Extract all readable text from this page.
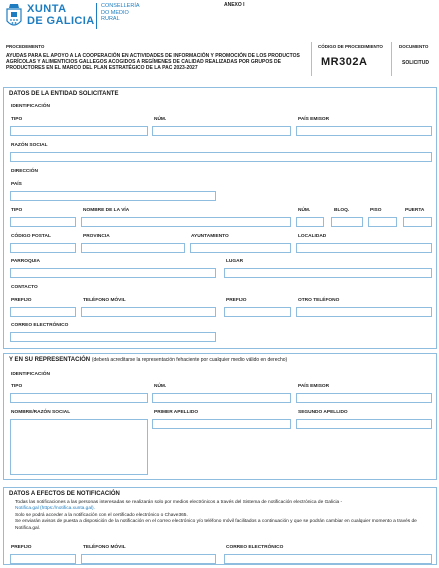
XUNTA
DE GALICIA
CONSELLERÍA
DO MEDIO
RURAL
ANEXO I
PROCEDEMENTO
AYUDAS PARA EL APOYO A LA COOPERACIÓN EN ACTIVIDADES DE INFORMACIÓN Y PROMOCIÓN DE LOS PRODUCTOS AGRÍCOLAS Y ALIMENTICIOS GALLEGOS ACOGIDOS A REGÍMENES DE CALIDAD REALIZADAS POR GRUPOS DE PRODUCTORES EN EL MARCO DEL PLAN ESTRATÉGICO DE LA PAC 2023-2027
CÓDIGO DE PROCEDIMIENTO
MR302A
DOCUMENTO
SOLICITUD
DATOS DE LA ENTIDAD SOLICITANTE
IDENTIFICACIÓN
TIPO	NÚM.	PAÍS EMISOR
RAZÓN SOCIAL
DIRECCIÓN
PAÍS
TIPO	NOMBRE DE LA VÍA	NÚM.	BLOQ.	PISO	PUERTA
CÓDIGO POSTAL	PROVINCIA	AYUNTAMIENTO	LOCALIDAD
PARROQUIA	LUGAR
CONTACTO
PREFIJO	TELÉFONO MÓVIL	PREFIJO	OTRO TELÉFONO
CORREO ELECTRÓNICO
Y EN SU REPRESENTACIÓN (deberá acreditarse la representación fehaciente por cualquier medio válido en derecho)
IDENTIFICACIÓN
TIPO	NÚM.	PAÍS EMISOR
NOMBRE/RAZÓN SOCIAL	PRIMER APELLIDO	SEGUNDO APELLIDO
DATOS A EFECTOS DE NOTIFICACIÓN
Todas las notificaciones a las personas interesadas se realizarán solo por medios electrónicos a través del Sistema de notificación electrónica de Galicia -
Notifica.gal (https://notifica.xunta.gal).
Solo se podrá acceder a la notificación con el certificado electrónico o Chave365.
Se enviarán avisos de puesta a disposición de la notificación en el correo electrónico y/o teléfono móvil facilitados a continuación y que se podrán cambiar en cualquier momento a través de Notifica.gal.
PREFIJO	TELÉFONO MÓVIL	CORREO ELECTRÓNICO
